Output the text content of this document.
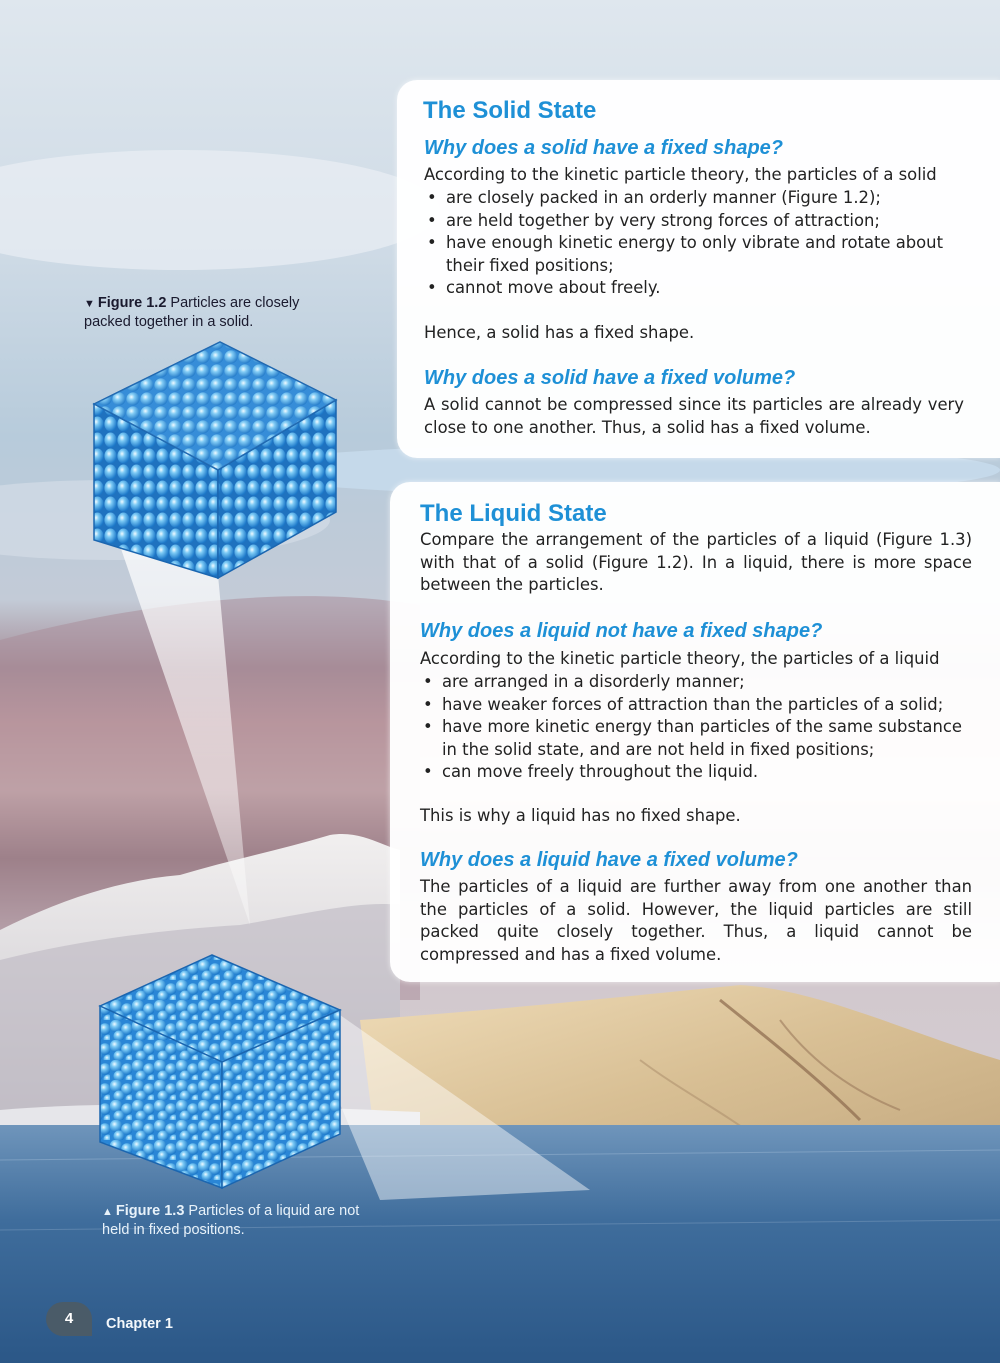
▼ Figure 1.2 Particles are closely packed together in a solid.
▲ Figure 1.3 Particles of a liquid are not held in fixed positions.
The Solid State
Why does a solid have a fixed shape?

According to the kinetic particle theory, the particles of a solid

• are closely packed in an orderly manner (Figure 1.2);
• are held together by very strong forces of attraction;
• have enough kinetic energy to only vibrate and rotate about their fixed positions;
• cannot move about freely.

Hence, a solid has a fixed shape.

Why does a solid have a fixed volume?

A solid cannot be compressed since its particles are already very close to one another. Thus, a solid has a fixed volume.

The Liquid State

Compare the arrangement of the particles of a liquid (Figure 1.3) with that of a solid (Figure 1.2). In a liquid, there is more space between the particles.

Why does a liquid not have a fixed shape?

According to the kinetic particle theory, the particles of a liquid

• are arranged in a disorderly manner;
• have weaker forces of attraction than the particles of a solid;
• have more kinetic energy than particles of the same substance in the solid state, and are not held in fixed positions;
• can move freely throughout the liquid.

This is why a liquid has no fixed shape.

Why does a liquid have a fixed volume?

The particles of a liquid are further away from one another than the particles of a solid. However, the liquid particles are still packed quite closely together. Thus, a liquid cannot be compressed and has a fixed volume.

4	Chapter 1
